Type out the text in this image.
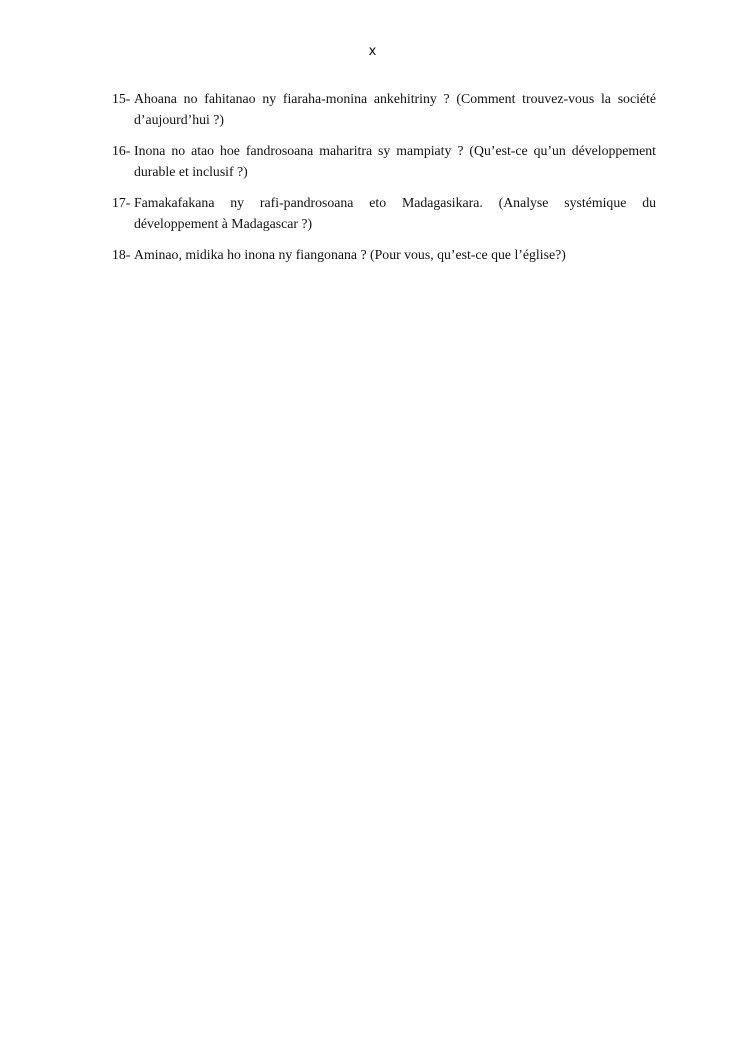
x
15- Ahoana no fahitanao ny fiaraha-monina ankehitriny ? (Comment trouvez-vous la société d’aujourd’hui ?)
16- Inona no atao hoe fandrosoana maharitra sy mampiaty ? (Qu’est-ce qu’un développement durable et inclusif ?)
17- Famakafakana ny rafi-pandrosoana eto Madagasikara. (Analyse systémique du développement à Madagascar ?)
18- Aminao, midika ho inona ny fiangonana ? (Pour vous, qu’est-ce que l’église?)
